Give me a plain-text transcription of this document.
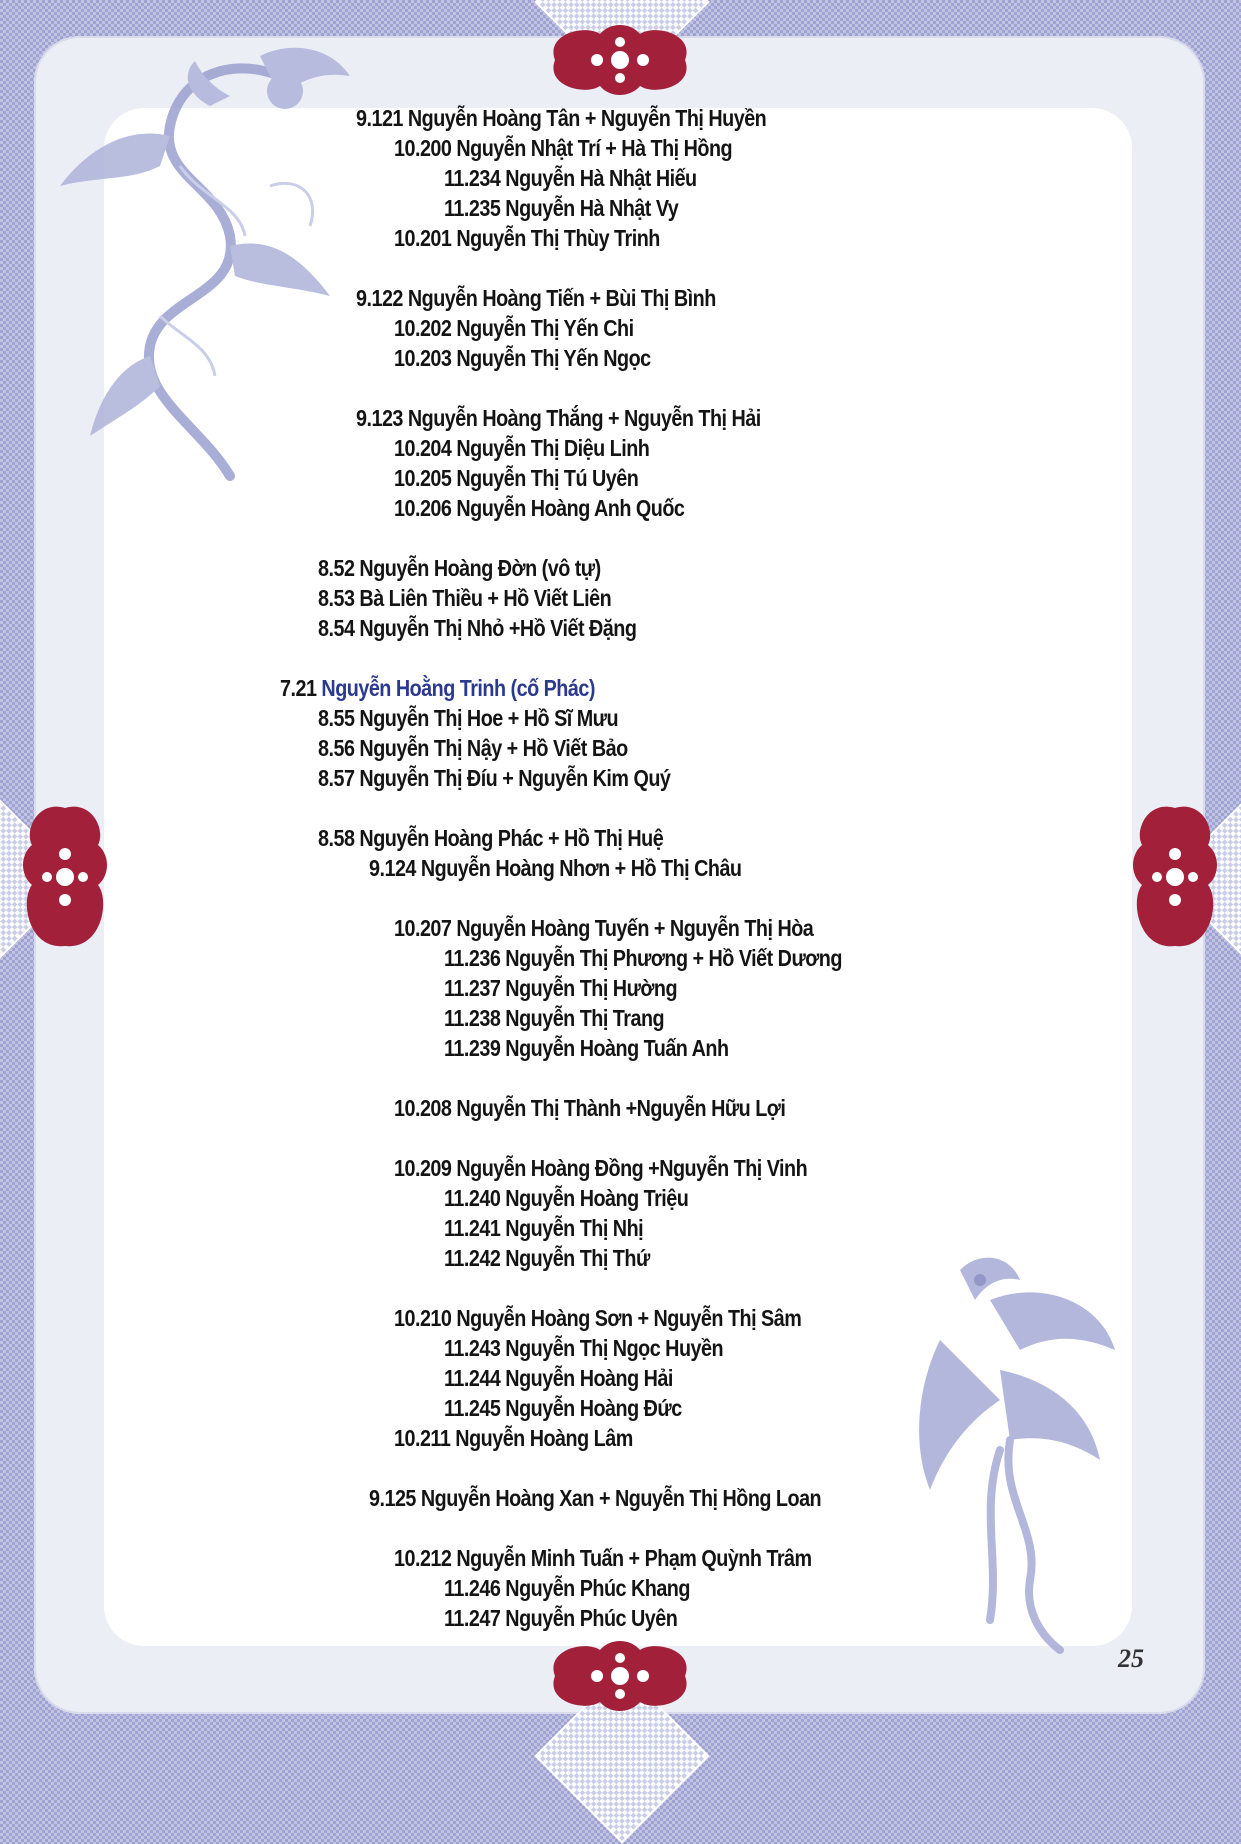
9.121 Nguyễn Hoàng Tân + Nguyễn Thị Huyền
10.200 Nguyễn Nhật Trí + Hà Thị Hồng
11.234 Nguyễn Hà Nhật Hiếu
11.235 Nguyễn Hà Nhật Vy
10.201 Nguyễn Thị Thùy Trinh
9.122 Nguyễn Hoàng Tiến + Bùi Thị Bình
10.202 Nguyễn Thị Yến Chi
10.203 Nguyễn Thị Yến Ngọc
9.123 Nguyễn Hoàng Thắng + Nguyễn Thị Hải
10.204 Nguyễn Thị Diệu Linh
10.205 Nguyễn Thị Tú Uyên
10.206 Nguyễn Hoàng Anh Quốc
8.52 Nguyễn Hoàng Đờn (vô tự)
8.53 Bà Liên Thiều + Hồ Viết Liên
8.54 Nguyễn Thị Nhỏ +Hồ Viết Đặng
7.21 Nguyễn Hoằng Trinh (cố Phác)
8.55 Nguyễn Thị Hoe + Hồ Sĩ Mưu
8.56 Nguyễn Thị Nậy + Hồ Viết Bảo
8.57 Nguyễn Thị Đíu + Nguyễn Kim Quý
8.58 Nguyễn Hoàng Phác + Hồ Thị Huệ
9.124 Nguyễn Hoàng Nhơn + Hồ Thị Châu
10.207 Nguyễn Hoàng Tuyến + Nguyễn Thị Hòa
11.236 Nguyễn Thị Phương + Hồ Viết Dương
11.237 Nguyễn Thị Hường
11.238 Nguyễn Thị Trang
11.239 Nguyễn Hoàng Tuấn Anh
10.208 Nguyễn Thị Thành +Nguyễn Hữu Lợi
10.209 Nguyễn Hoàng Đồng +Nguyễn Thị Vinh
11.240 Nguyễn Hoàng Triệu
11.241 Nguyễn Thị Nhị
11.242 Nguyễn Thị Thứ
10.210 Nguyễn Hoàng Sơn + Nguyễn Thị Sâm
11.243 Nguyễn Thị Ngọc Huyền
11.244 Nguyễn Hoàng Hải
11.245 Nguyễn Hoàng Đức
10.211 Nguyễn Hoàng Lâm
9.125 Nguyễn Hoàng Xan + Nguyễn Thị Hồng Loan
10.212 Nguyễn Minh Tuấn + Phạm Quỳnh Trâm
11.246 Nguyễn Phúc Khang
11.247 Nguyễn Phúc Uyên
25
